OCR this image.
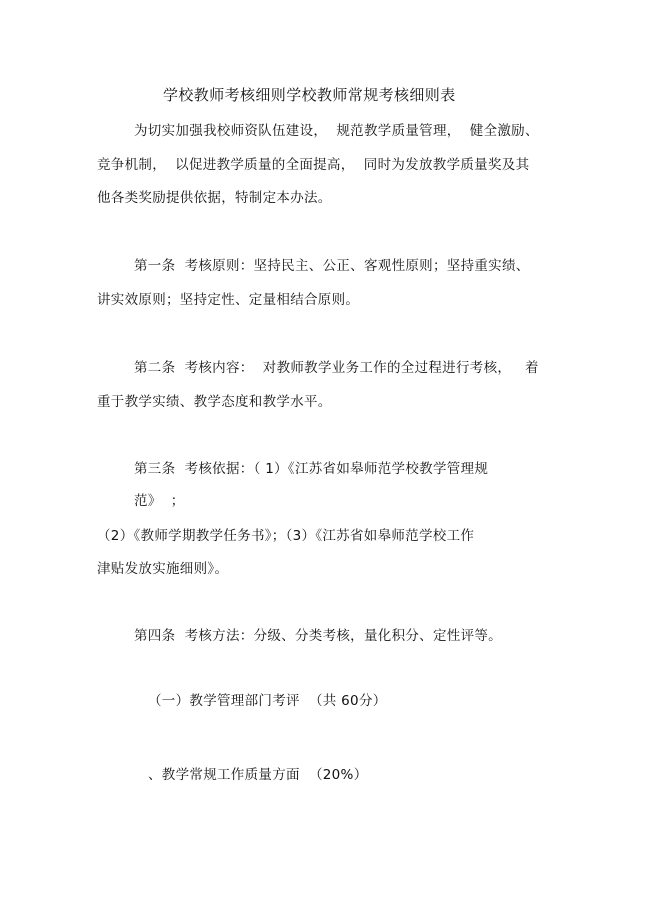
学校教师考核细则学校教师常规考核细则表
为切实加强我校师资队伍建设，  规范教学质量管理，  健全激励、
竞争机制，  以促进教学质量的全面提高，  同时为发放教学质量奖及其
他各类奖励提供依据，特制定本办法。
第一条  考核原则：坚持民主、公正、客观性原则；坚持重实绩、
讲实效原则；坚持定性、定量相结合原则。
第二条  考核内容：  对教师教学业务工作的全过程进行考核，   着
重于教学实绩、教学态度和教学水平。
第三条  考核依据：（ 1）《江苏省如皋师范学校教学管理规
范》  ；
（2）《教师学期教学任务书》；（3）《江苏省如皋师范学校工作
津贴发放实施细则》。
第四条  考核方法：分级、分类考核，量化积分、定性评等。
（一）教学管理部门考评  （共 60分）
、教学常规工作质量方面  （20%）
